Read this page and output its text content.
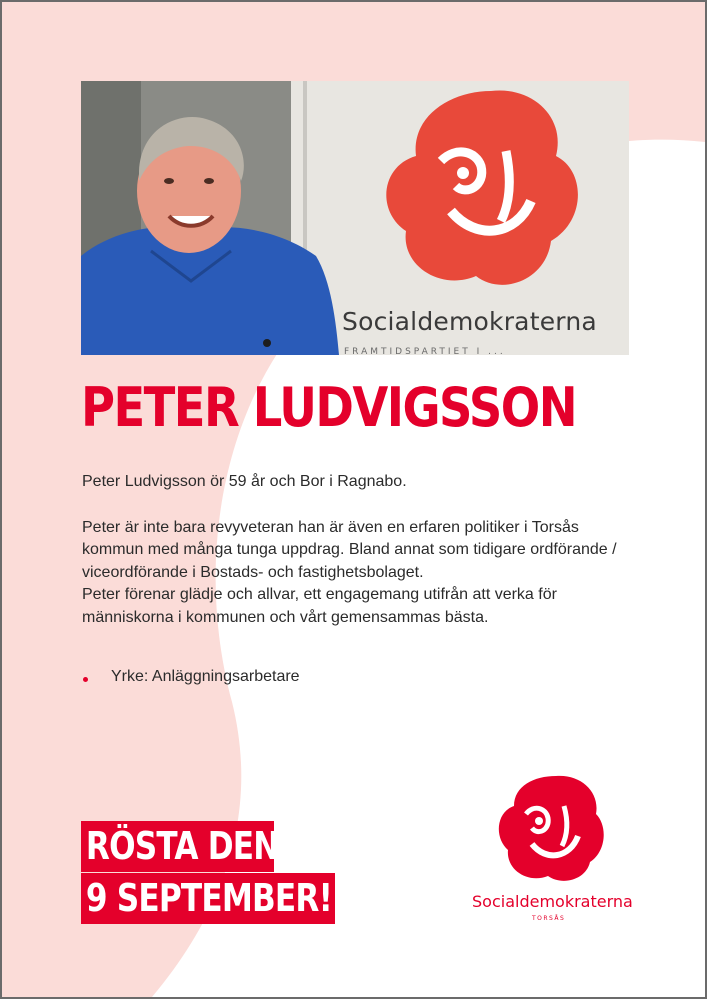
Socialdemokraterna
FRAMTIDSPARTIET I ...
PETER LUDVIGSSON

Peter Ludvigsson ör 59 år och Bor i Ragnabo.

Peter är inte bara revyveteran han är även en erfaren politiker i Torsås kommun med många tunga uppdrag. Bland annat som tidigare ordförande / viceordförande i Bostads- och fastighetsbolaget.

Peter förenar glädje och allvar, ett engagemang utifrån att verka för människorna i kommunen och vårt gemensammas bästa.

Yrke: Anläggningsarbetare
RÖSTA DEN
9 SEPTEMBER!	Socialdemokraterna
TORSÅS
